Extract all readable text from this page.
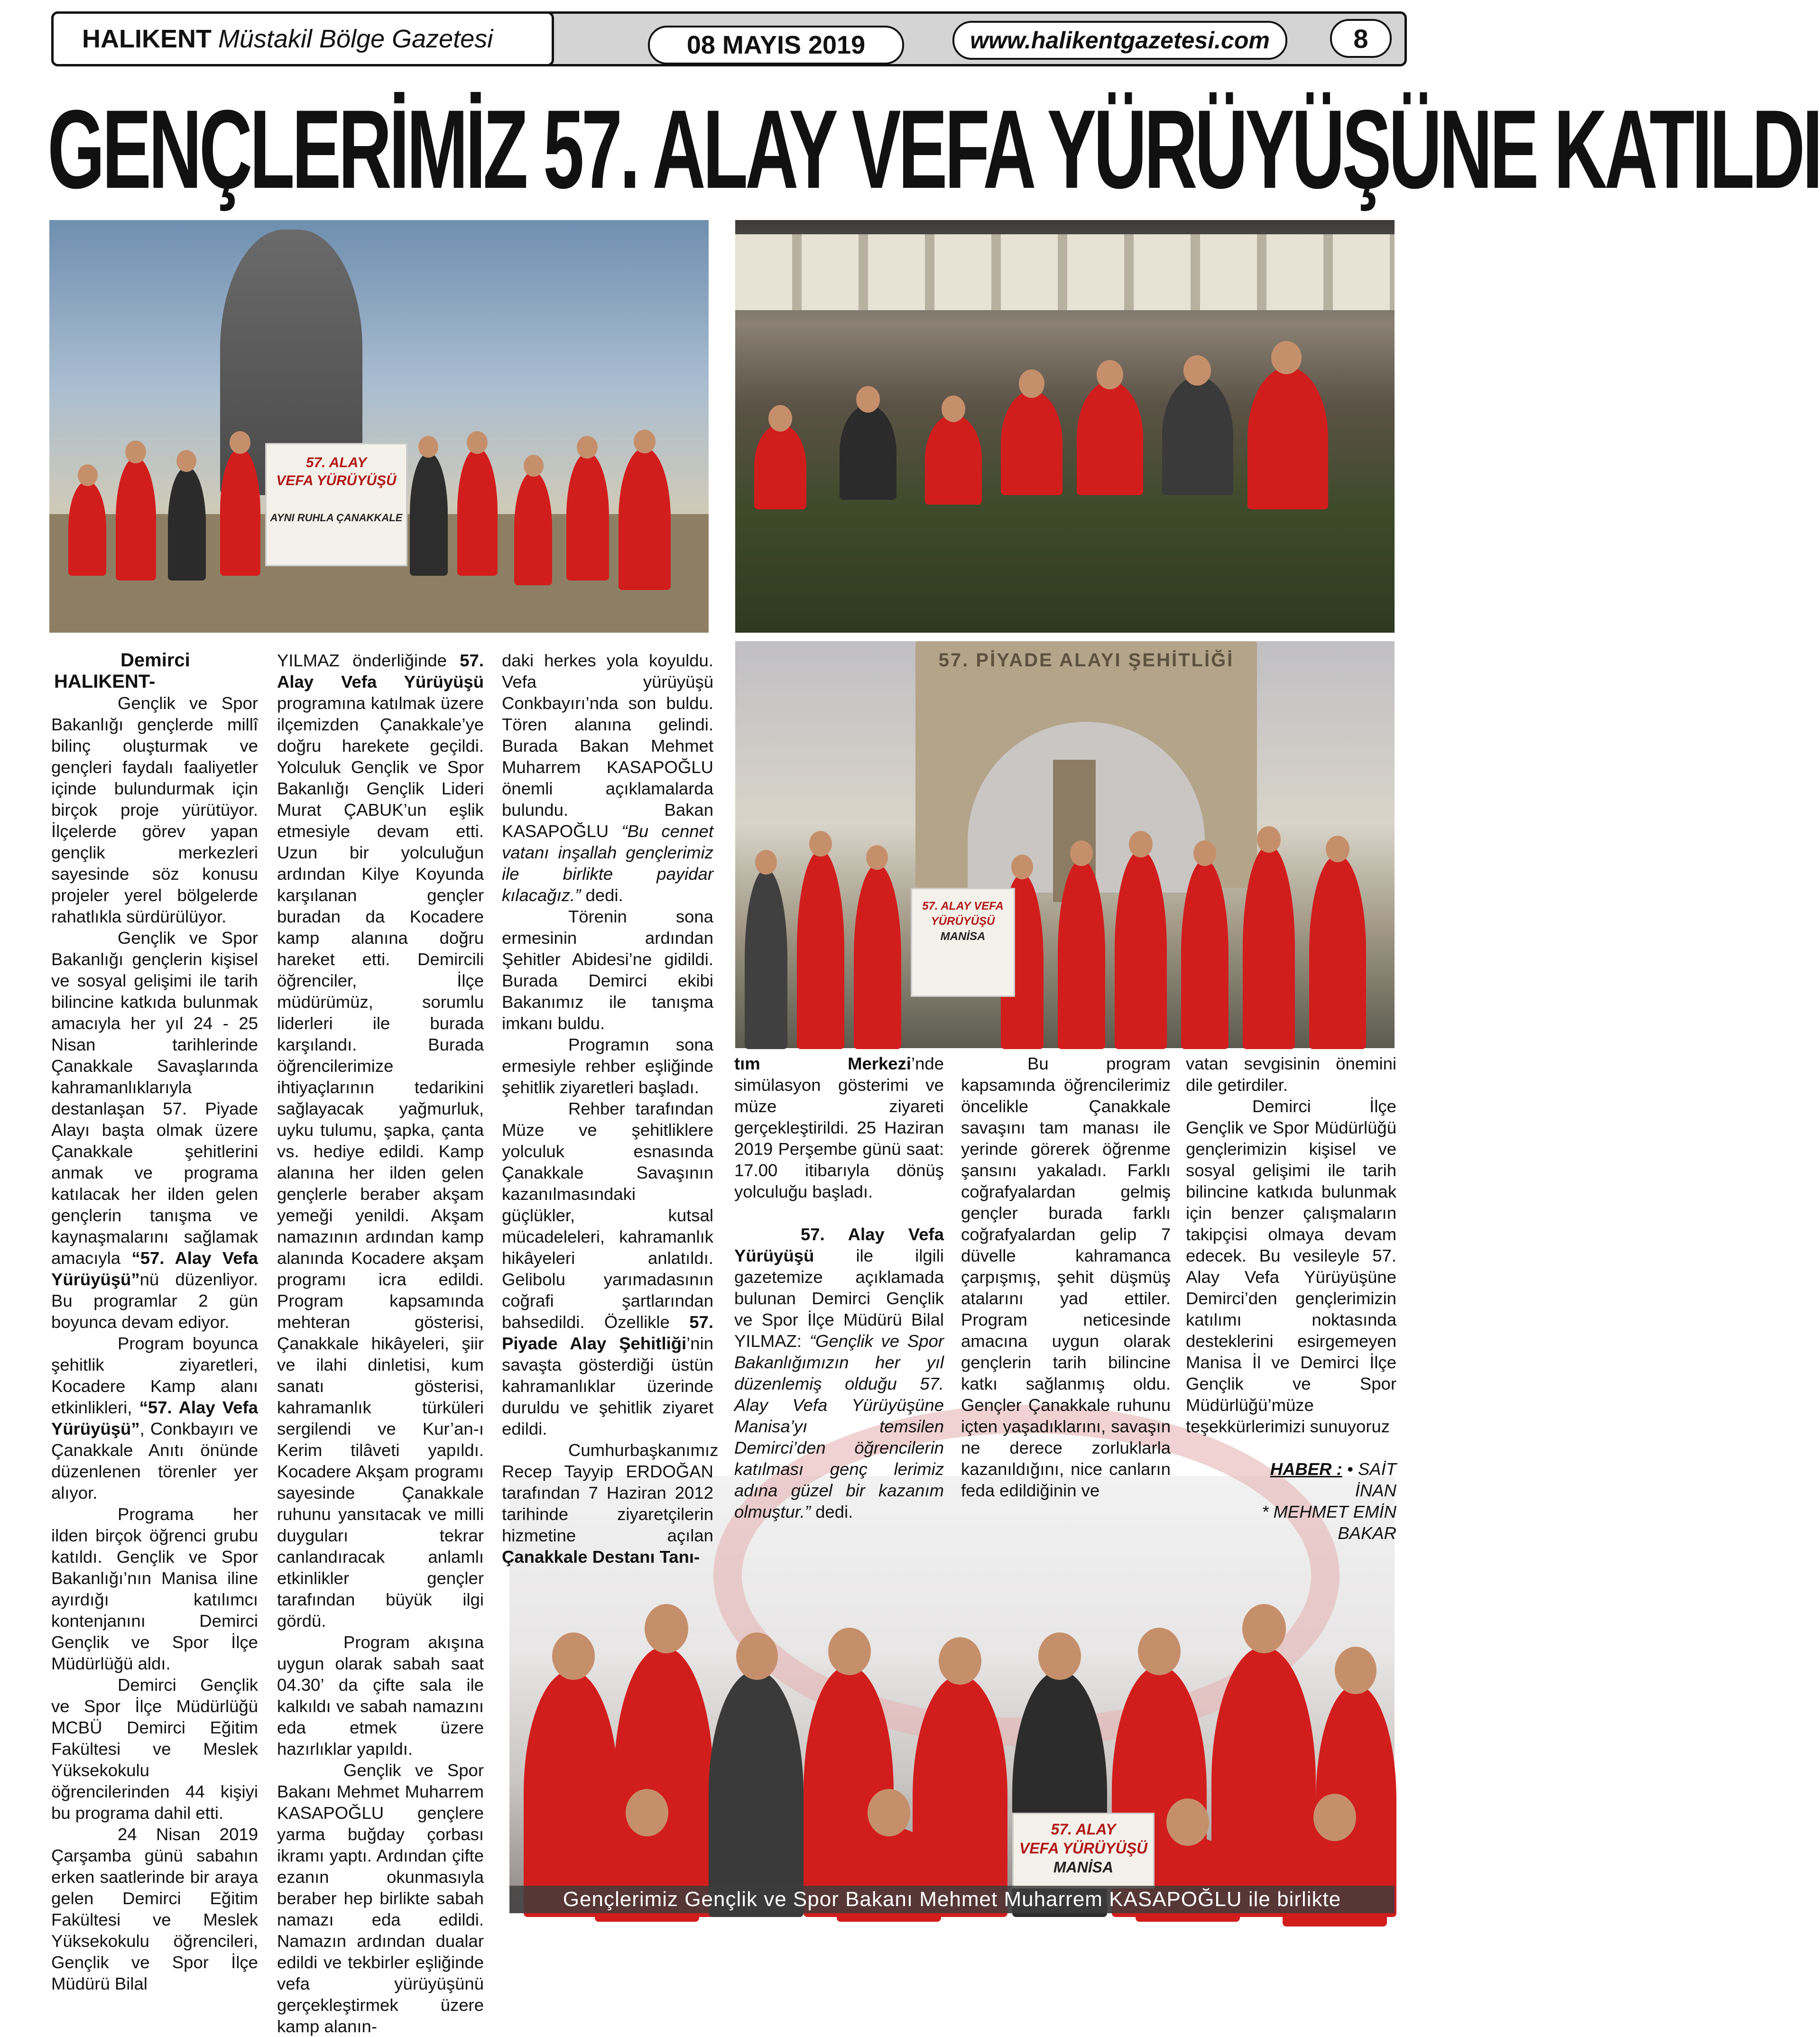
HALIKENT Müstakil Bölge Gazetesi	08 MAYIS 2019	www.halikentgazetesi.com	8
GENÇLERİMİZ 57. ALAY VEFA YÜRÜYÜŞÜNE KATILDI
57. ALAY
VEFA YÜRÜYÜŞÜ
AYNI RUHLA ÇANAKKALE
57. PİYADE ALAYI ŞEHİTLİĞİ
57. ALAY VEFA YÜRÜYÜŞÜ
MANİSA
57. ALAY
VEFA YÜRÜYÜŞÜ
MANİSA
Gençlerimiz Gençlik ve Spor Bakanı Mehmet Muharrem KASAPOĞLU ile birlikte

Demirci HALIKENT-

Gençlik ve Spor Bakanlığı gençlerde millî bilinç oluşturmak ve gençleri faydalı faaliyetler içinde bulundurmak için birçok proje yürütüyor. İlçelerde görev yapan gençlik merkezleri sayesinde söz konusu projeler yerel bölgelerde rahatlıkla sürdürülüyor.

Gençlik ve Spor Bakanlığı gençlerin kişisel ve sosyal gelişimi ile tarih bilincine katkıda bulunmak amacıyla her yıl 24 - 25 Nisan tarihlerinde Çanakkale Savaşlarında kahramanlıklarıyla destanlaşan 57. Piyade Alayı başta olmak üzere Çanakkale şehitlerini anmak ve programa katılacak her ilden gelen gençlerin tanışma ve kaynaşmalarını sağlamak amacıyla “57. Alay Vefa Yürüyüşü”nü düzenliyor. Bu programlar 2 gün boyunca devam ediyor.

Program boyunca şehitlik ziyaretleri, Kocadere Kamp alanı etkinlikleri, “57. Alay Vefa Yürüyüşü”, Conkbayırı ve Çanakkale Anıtı önünde düzenlenen törenler yer alıyor.

Programa her ilden birçok öğrenci grubu katıldı. Gençlik ve Spor Bakanlığı’nın Manisa iline ayırdığı katılımcı kontenjanını Demirci Gençlik ve Spor İlçe Müdürlüğü aldı.

Demirci Gençlik ve Spor İlçe Müdürlüğü MCBÜ Demirci Eğitim Fakültesi ve Meslek Yüksekokulu öğrencilerinden 44 kişiyi bu programa dahil etti.

24 Nisan 2019 Çarşamba günü sabahın erken saatlerinde bir araya gelen Demirci Eğitim Fakültesi ve Meslek Yüksekokulu öğrencileri, Gençlik ve Spor İlçe Müdürü Bilal

YILMAZ önderliğinde 57. Alay Vefa Yürüyüşü programına katılmak üzere ilçemizden Çanakkale’ye doğru harekete geçildi. Yolculuk Gençlik ve Spor Bakanlığı Gençlik Lideri Murat ÇABUK’un eşlik etmesiyle devam etti. Uzun bir yolculuğun ardından Kilye Koyunda karşılanan gençler buradan da Kocadere kamp alanına doğru hareket etti. Demircili öğrenciler, İlçe müdürümüz, sorumlu liderleri ile burada karşılandı. Burada öğrencilerimize ihtiyaçlarının tedarikini sağlayacak yağmurluk, uyku tulumu, şapka, çanta vs. hediye edildi. Kamp alanına her ilden gelen gençlerle beraber akşam yemeği yenildi. Akşam namazının ardından kamp alanında Kocadere akşam programı icra edildi. Program kapsamında mehteran gösterisi, Çanakkale hikâyeleri, şiir ve ilahi dinletisi, kum sanatı gösterisi, kahramanlık türküleri sergilendi ve Kur’an-ı Kerim tilâveti yapıldı. Kocadere Akşam programı sayesinde Çanakkale ruhunu yansıtacak ve milli duyguları tekrar canlandıracak anlamlı etkinlikler gençler tarafından büyük ilgi gördü.

Program akışına uygun olarak sabah saat 04.30’ da çifte sala ile kalkıldı ve sabah namazını eda etmek üzere hazırlıklar yapıldı.

Gençlik ve Spor Bakanı Mehmet Muharrem KASAPOĞLU gençlere yarma buğday çorbası ikramı yaptı. Ardından çifte ezanın okunmasıyla beraber hep birlikte sabah namazı eda edildi. Namazın ardından dualar edildi ve tekbirler eşliğinde vefa yürüyüşünü gerçekleştirmek üzere kamp alanın-

daki herkes yola koyuldu. Vefa yürüyüşü Conkbayırı’nda son buldu. Tören alanına gelindi. Burada Bakan Mehmet Muharrem KASAPOĞLU önemli açıklamalarda bulundu. Bakan KASAPOĞLU “Bu cennet vatanı inşallah gençlerimiz ile birlikte payidar kılacağız.” dedi.

Törenin sona ermesinin ardından Şehitler Abidesi’ne gidildi. Burada Demirci ekibi Bakanımız ile tanışma imkanı buldu.

Programın sona ermesiyle rehber eşliğinde şehitlik ziyaretleri başladı.

Rehber tarafından Müze ve şehitliklere yolculuk esnasında Çanakkale Savaşının kazanılmasındaki güçlükler, kutsal mücadeleleri, kahramanlık hikâyeleri anlatıldı. Gelibolu yarımadasının coğrafi şartlarından bahsedildi. Özellikle 57. Piyade Alay Şehitliği’nin savaşta gösterdiği üstün kahramanlıklar üzerinde duruldu ve şehitlik ziyaret edildi.

Cumhurbaşkanımız Recep Tayyip ERDOĞAN tarafından 7 Haziran 2012 tarihinde ziyaretçilerin hizmetine açılan Çanakkale Destanı Tanı-

tım Merkezi’nde simülasyon gösterimi ve müze ziyareti gerçekleştirildi. 25 Haziran 2019 Perşembe günü saat: 17.00 itibarıyla dönüş yolculuğu başladı.

57. Alay Vefa Yürüyüşü ile ilgili gazetemize açıklamada bulunan Demirci Gençlik ve Spor İlçe Müdürü Bilal YILMAZ: “Gençlik ve Spor Bakanlığımızın her yıl düzenlemiş olduğu 57. Alay Vefa Yürüyüşüne Manisa’yı temsilen Demirci’den öğrencilerin katılması genç lerimiz adına güzel bir kazanım olmuştur.” dedi.

Bu program kapsamında öğrencilerimiz öncelikle Çanakkale savaşını tam manası ile yerinde görerek öğrenme şansını yakaladı. Farklı coğrafyalardan gelmiş gençler burada farklı coğrafyalardan gelip 7 düvelle kahramanca çarpışmış, şehit düşmüş atalarını yad ettiler. Program neticesinde amacına uygun olarak gençlerin tarih bilincine katkı sağlanmış oldu. Gençler Çanakkale ruhunu içten yaşadıklarını, savaşın ne derece zorluklarla kazanıldığını, nice canların feda edildiğinin ve

vatan sevgisinin önemini dile getirdiler.

Demirci İlçe Gençlik ve Spor Müdürlüğü gençlerimizin kişisel ve sosyal gelişimi ile tarih bilincine katkıda bulunmak için benzer çalışmaların takipçisi olmaya devam edecek. Bu vesileyle 57. Alay Vefa Yürüyüşüne Demirci’den gençlerimizin katılımı noktasında desteklerini esirgemeyen Manisa İl ve Demirci İlçe Gençlik ve Spor Müdürlüğü’müze teşekkürlerimizi sunuyoruz

HABER : • SAİT İNAN

* MEHMET EMİN BAKAR
